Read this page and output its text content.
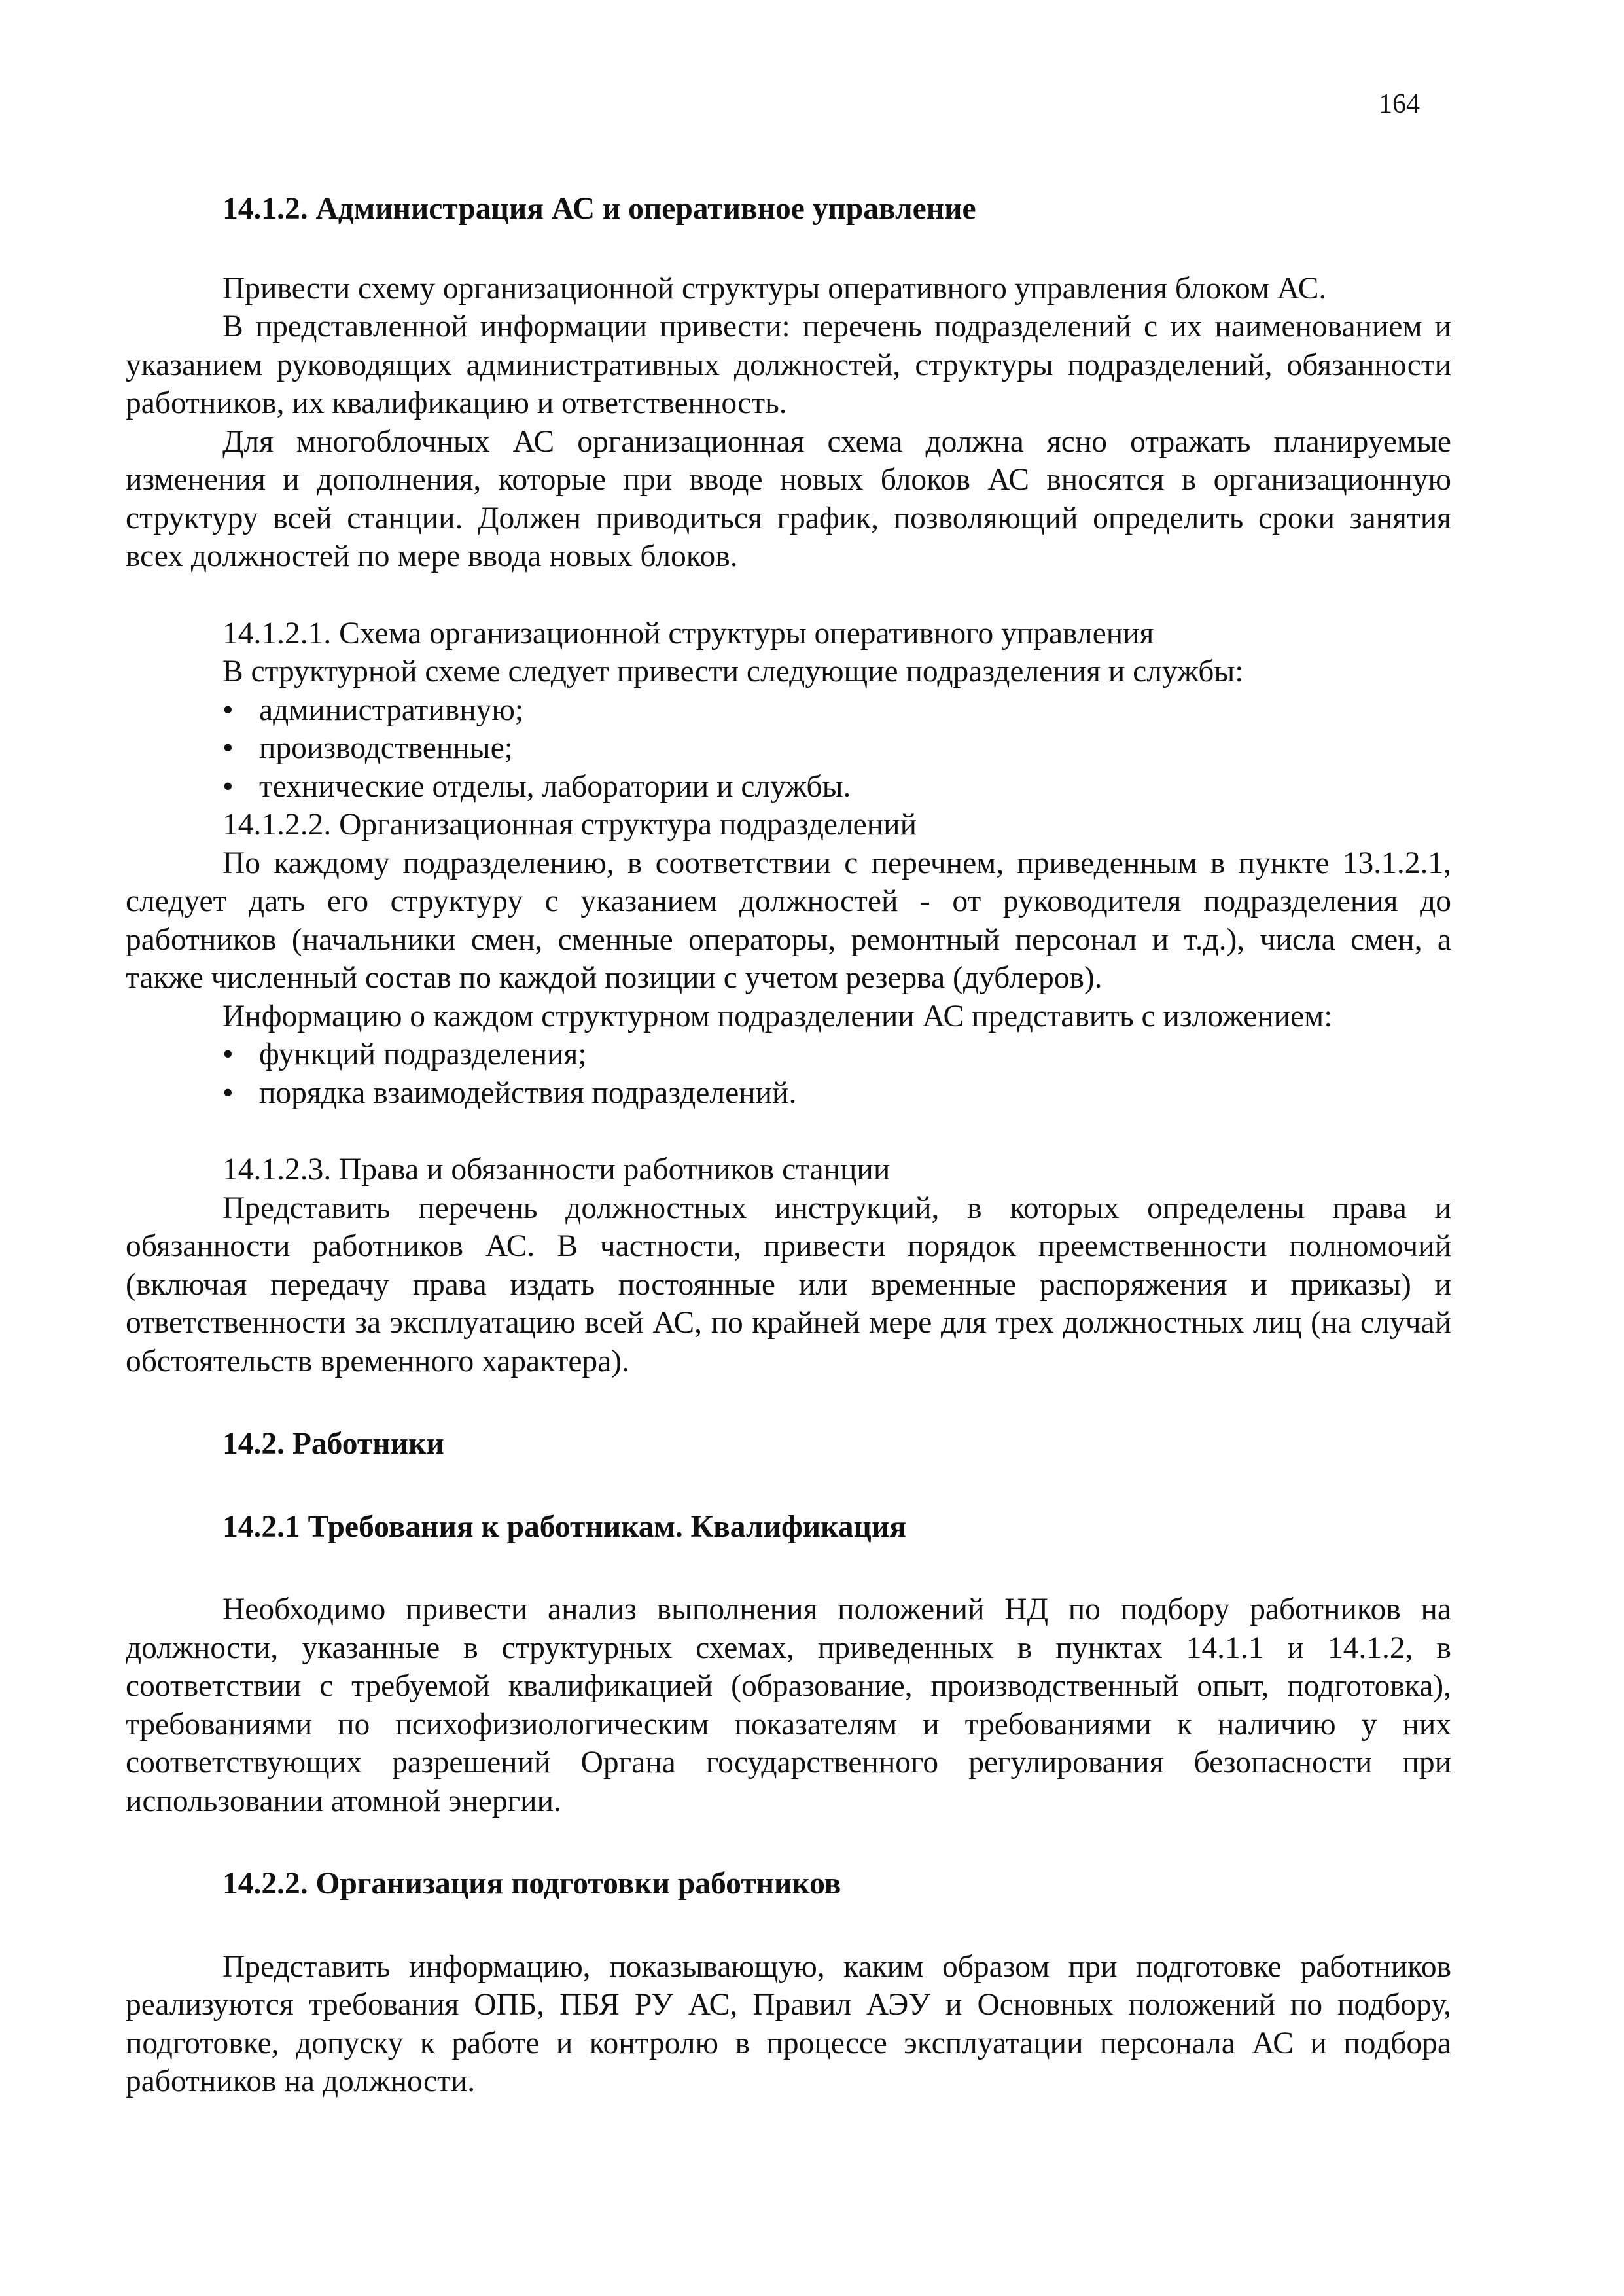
164

14.1.2. Администрация АС и оперативное управление

Привести схему организационной структуры оперативного управления блоком АС.

В представленной информации привести: перечень подразделений с их наименованием и указанием руководящих административных должностей, структуры подразделений, обязанности работников, их квалификацию и ответственность.

Для многоблочных АС организационная схема должна ясно отражать планируемые изменения и дополнения, которые при вводе новых блоков АС вносятся в организационную структуру всей станции. Должен приводиться график, позволяющий определить сроки занятия всех должностей по мере ввода новых блоков.

14.1.2.1. Схема организационной структуры оперативного управления

В структурной схеме следует привести следующие подразделения и службы:

• административную;
• производственные;
• технические отделы, лаборатории и службы.

14.1.2.2. Организационная структура подразделений

По каждому подразделению, в соответствии с перечнем, приведенным в пункте 13.1.2.1, следует дать его структуру с указанием должностей - от руководителя подразделения до работников (начальники смен, сменные операторы, ремонтный персонал и т.д.), числа смен, а также численный состав по каждой позиции с учетом резерва (дублеров).

Информацию о каждом структурном подразделении АС представить с изложением:

• функций подразделения;
• порядка взаимодействия подразделений.

14.1.2.3. Права и обязанности работников станции

Представить перечень должностных инструкций, в которых определены права и обязанности работников АС. В частности, привести порядок преемственности полномочий (включая передачу права издать постоянные или временные распоряжения и приказы) и ответственности за эксплуатацию всей АС, по крайней мере для трех должностных лиц (на случай обстоятельств временного характера).

14.2. Работники

14.2.1 Требования к работникам. Квалификация

Необходимо привести анализ выполнения положений НД по подбору работников на должности, указанные в структурных схемах, приведенных в пунктах 14.1.1 и 14.1.2, в соответствии с требуемой квалификацией (образование, производственный опыт, подготовка), требованиями по психофизиологическим показателям и требованиями к наличию у них соответствующих разрешений Органа государственного регулирования безопасности при использовании атомной энергии.

14.2.2. Организация подготовки работников

Представить информацию, показывающую, каким образом при подготовке работников реализуются требования ОПБ, ПБЯ РУ АС, Правил АЭУ и Основных положений по подбору, подготовке, допуску к работе и контролю в процессе эксплуатации персонала АС и подбора работников на должности.
